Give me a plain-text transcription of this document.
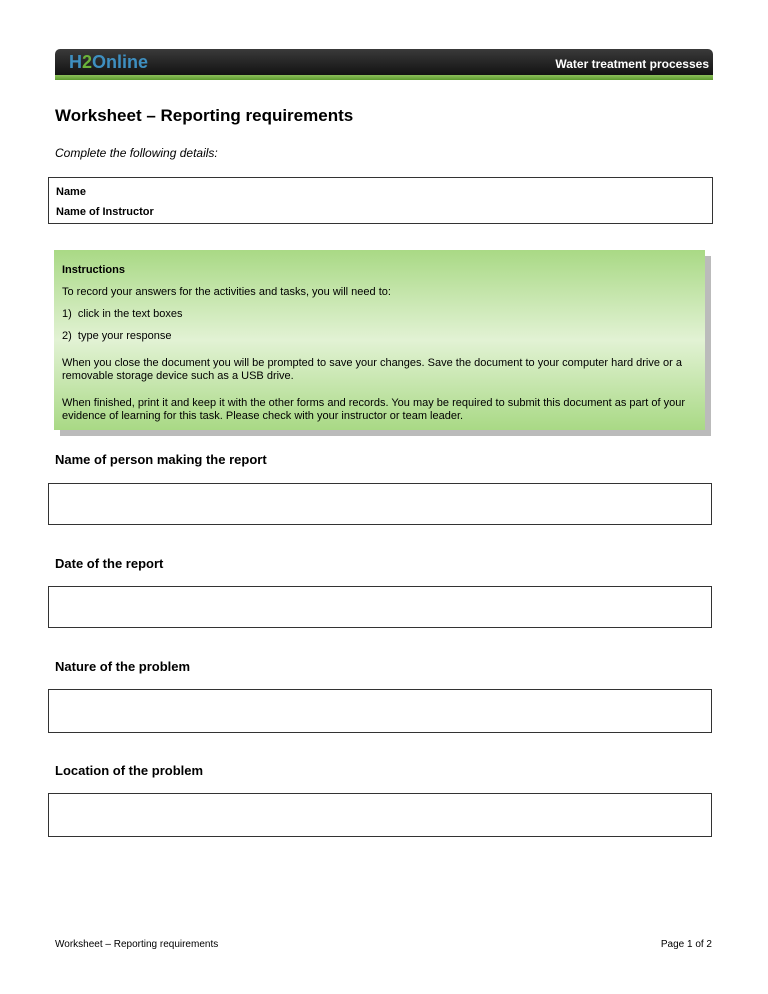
H2Online	Water treatment processes
Worksheet – Reporting requirements
Complete the following details:
Name
Name of Instructor

Instructions

To record your answers for the activities and tasks, you will need to:

1)  click in the text boxes

2)  type your response

When you close the document you will be prompted to save your changes. Save the document to your computer hard drive or a removable storage device such as a USB drive.

When finished, print it and keep it with the other forms and records. You may be required to submit this document as part of your evidence of learning for this task. Please check with your instructor or team leader.

Name of person making the report
Date of the report
Nature of the problem
Location of the problem
Worksheet – Reporting requirements	Page 1 of 2
